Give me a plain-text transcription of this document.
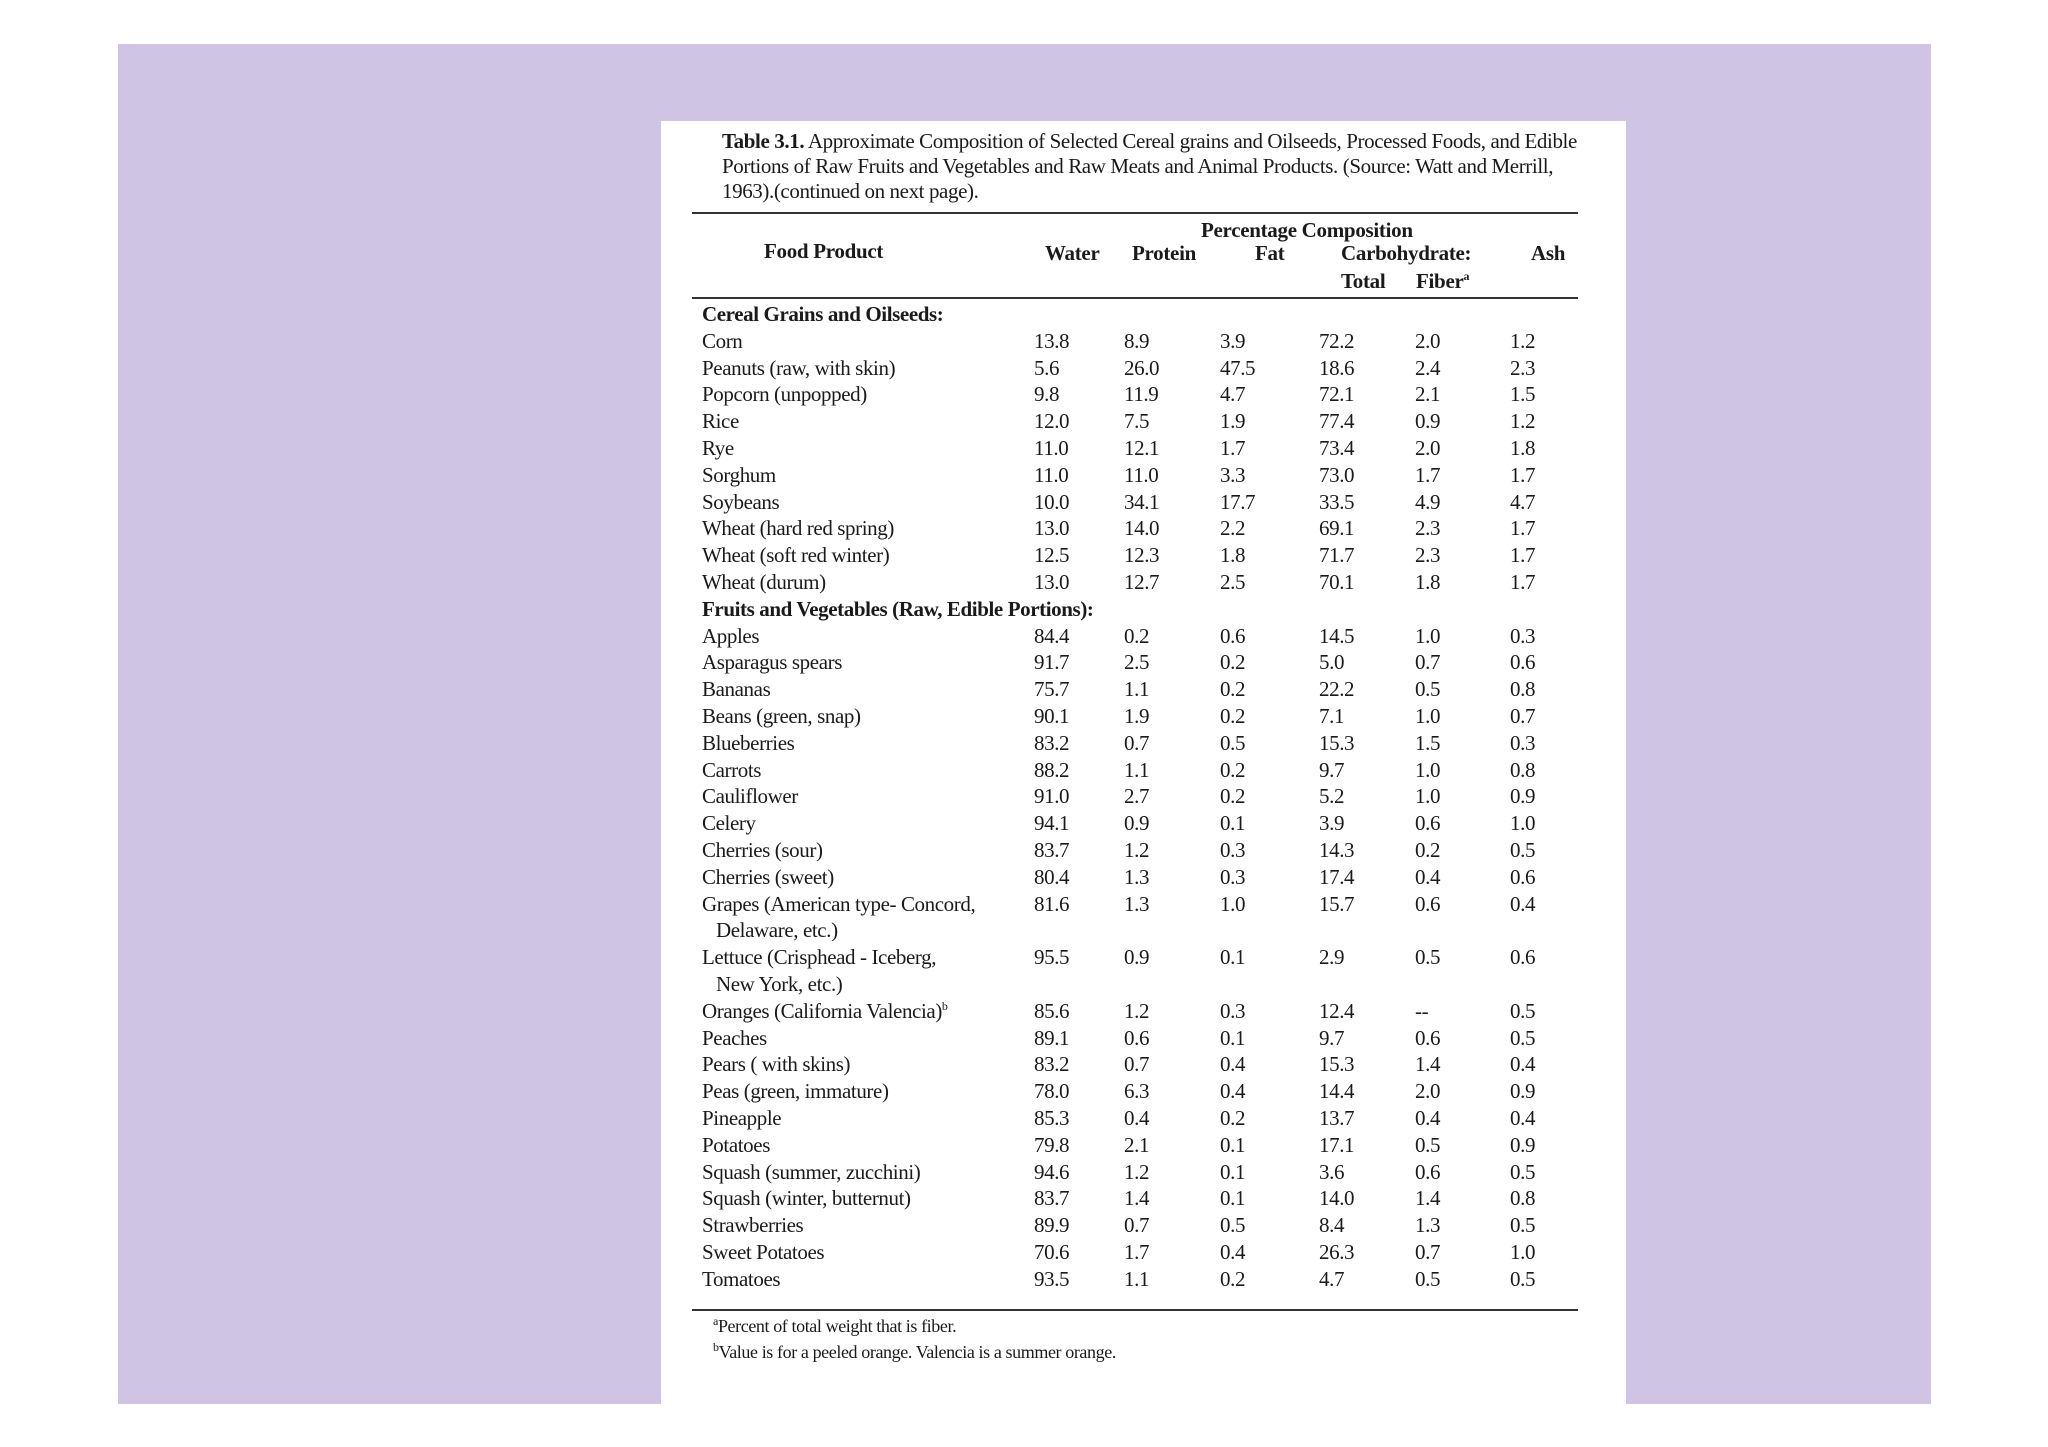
Table 3.1. Approximate Composition of Selected Cereal grains and Oilseeds, Processed Foods, and Edible Portions of Raw Fruits and Vegetables and Raw Meats and Animal Products. (Source: Watt and Merrill, 1963).(continued on next page).
Percentage Composition
Food Product	Water Protein	Fat	Carbohydrate:	Ash
Total Fiber$^a$
Cereal Grains and Oilseeds:						
Corn	13.8	8.9	3.9	72.2	2.0	1.2
Peanuts (raw, with skin)	5.6	26.0	47.5	18.6	2.4	2.3
Popcorn (unpopped)	9.8	11.9	4.7	72.1	2.1	1.5
Rice	12.0	7.5	1.9	77.4	0.9	1.2
Rye	11.0	12.1	1.7	73.4	2.0	1.8
Sorghum	11.0	11.0	3.3	73.0	1.7	1.7
Soybeans	10.0	34.1	17.7	33.5	4.9	4.7
Wheat (hard red spring)	13.0	14.0	2.2	69.1	2.3	1.7
Wheat (soft red winter)	12.5	12.3	1.8	71.7	2.3	1.7
Wheat (durum)	13.0	12.7	2.5	70.1	1.8	1.7
Fruits and Vegetables (Raw, Edible Portions):						
Apples	84.4	0.2	0.6	14.5	1.0	0.3
Asparagus spears	91.7	2.5	0.2	5.0	0.7	0.6
Bananas	75.7	1.1	0.2	22.2	0.5	0.8
Beans (green, snap)	90.1	1.9	0.2	7.1	1.0	0.7
Blueberries	83.2	0.7	0.5	15.3	1.5	0.3
Carrots	88.2	1.1	0.2	9.7	1.0	0.8
Cauliflower	91.0	2.7	0.2	5.2	1.0	0.9
Celery	94.1	0.9	0.1	3.9	0.6	1.0
Cherries (sour)	83.7	1.2	0.3	14.3	0.2	0.5
Cherries (sweet)	80.4	1.3	0.3	17.4	0.4	0.6
Grapes (American type- Concord,	81.6	1.3	1.0	15.7	0.6	0.4
Delaware, etc.)						
Lettuce (Crisphead - Iceberg,	95.5	0.9	0.1	2.9	0.5	0.6
New York, etc.)						
Oranges (California Valencia)$^b$	85.6	1.2	0.3	12.4	--	0.5
Peaches	89.1	0.6	0.1	9.7	0.6	0.5
Pears ( with skins)	83.2	0.7	0.4	15.3	1.4	0.4
Peas (green, immature)	78.0	6.3	0.4	14.4	2.0	0.9
Pineapple	85.3	0.4	0.2	13.7	0.4	0.4
Potatoes	79.8	2.1	0.1	17.1	0.5	0.9
Squash (summer, zucchini)	94.6	1.2	0.1	3.6	0.6	0.5
Squash (winter, butternut)	83.7	1.4	0.1	14.0	1.4	0.8
Strawberries	89.9	0.7	0.5	8.4	1.3	0.5
Sweet Potatoes	70.6	1.7	0.4	26.3	0.7	1.0
Tomatoes	93.5	1.1	0.2	4.7	0.5	0.5
$^a$Percent of total weight that is fiber.
$^b$Value is for a peeled orange. Valencia is a summer orange.
